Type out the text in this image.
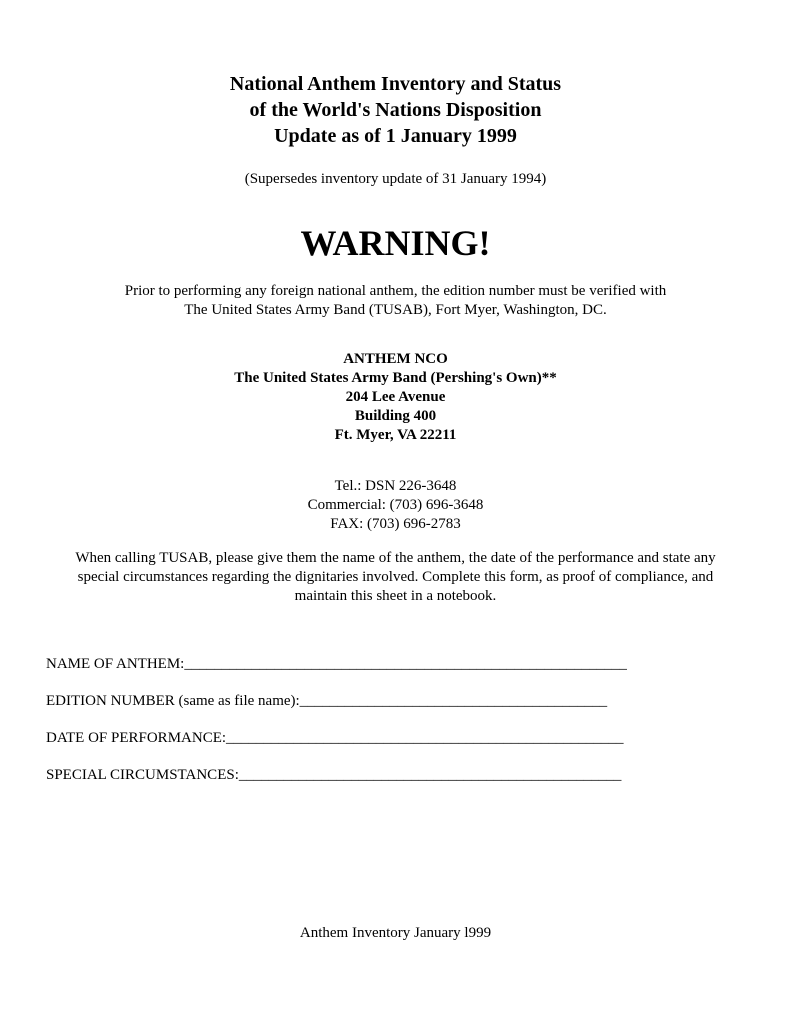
National Anthem Inventory and Status
of the World's Nations Disposition
Update as of 1 January 1999
(Supersedes inventory update of 31 January 1994)
WARNING!
Prior to performing any foreign national anthem, the edition number must be verified with
The United States Army Band (TUSAB), Fort Myer, Washington, DC.
ANTHEM NCO
The United States Army Band (Pershing's Own)**
204 Lee Avenue
Building 400
Ft. Myer, VA 22211
Tel.: DSN 226-3648
Commercial: (703) 696-3648
FAX: (703) 696-2783
When calling TUSAB, please give them the name of the anthem, the date of the performance and state any
special circumstances regarding the dignitaries involved. Complete this form, as proof of compliance, and
maintain this sheet in a notebook.
NAME OF ANTHEM:___________________________________________________________
EDITION NUMBER (same as file name):_________________________________________
DATE OF PERFORMANCE:_____________________________________________________
SPECIAL CIRCUMSTANCES:___________________________________________________
Anthem Inventory January l999
